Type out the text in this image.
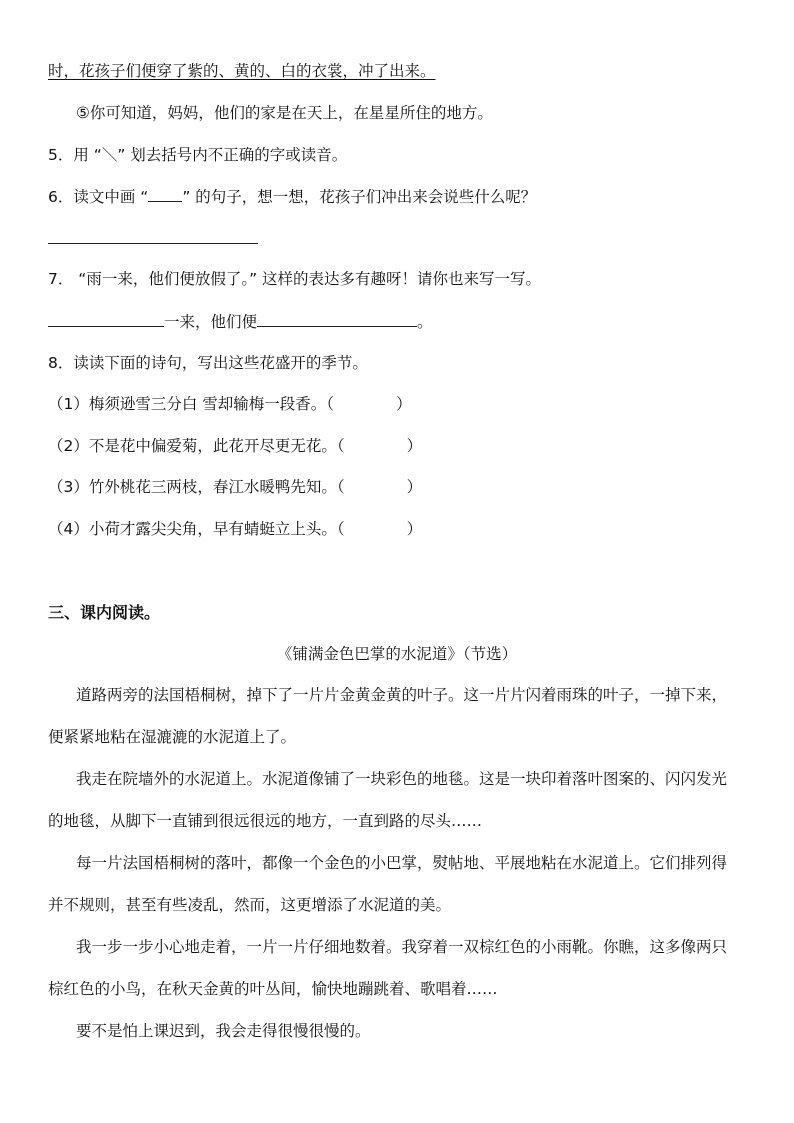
时，花孩子们便穿了紫的、黄的、白的衣裳，冲了出来。
⑤你可知道，妈妈，他们的家是在天上，在星星所住的地方。
5．用 “＼” 划去括号内不正确的字或读音。
6．读文中画 “ ” 的句子，想一想，花孩子们冲出来会说些什么呢？
7． “雨一来，他们便放假了。” 这样的表达多有趣呀！请你也来写一写。
一来，他们便	。
8．读读下面的诗句，写出这些花盛开的季节。
（1）梅须逊雪三分白 雪却输梅一段香。（	）
（2）不是花中偏爱菊，此花开尽更无花。（	）
（3）竹外桃花三两枝，春江水暖鸭先知。（	）
（4）小荷才露尖尖角，早有蜻蜓立上头。（	）
三、课内阅读。
《铺满金色巴掌的水泥道》（节选）
道路两旁的法国梧桐树，掉下了一片片金黄金黄的叶子。这一片片闪着雨珠的叶子，一掉下来，便紧紧地粘在湿漉漉的水泥道上了。
我走在院墙外的水泥道上。水泥道像铺了一块彩色的地毯。这是一块印着落叶图案的、闪闪发光的地毯，从脚下一直铺到很远很远的地方，一直到路的尽头……
每一片法国梧桐树的落叶，都像一个金色的小巴掌，熨帖地、平展地粘在水泥道上。它们排列得并不规则，甚至有些凌乱，然而，这更增添了水泥道的美。
我一步一步小心地走着，一片一片仔细地数着。我穿着一双棕红色的小雨靴。你瞧，这多像两只棕红色的小鸟，在秋天金黄的叶丛间，愉快地蹦跳着、歌唱着……
要不是怕上课迟到，我会走得很慢很慢的。
